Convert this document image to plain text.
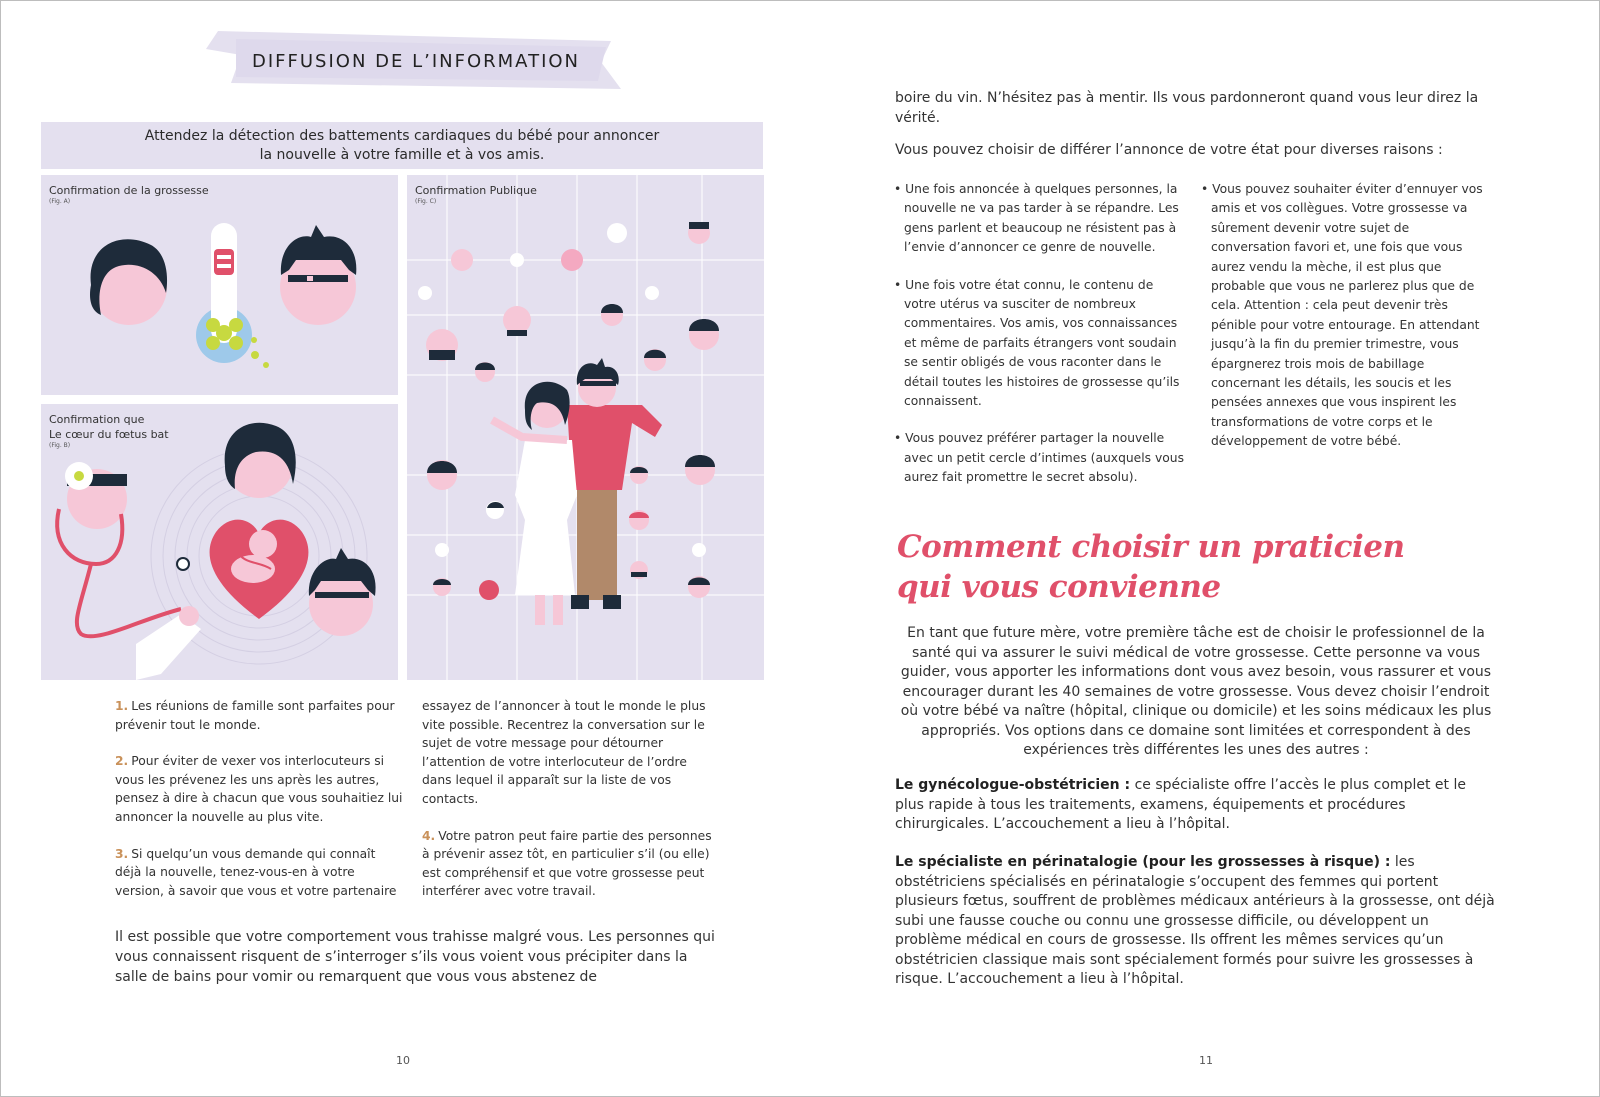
DIFFUSION DE L’INFORMATION
Attendez la détection des battements cardiaques du bébé pour annoncer
la nouvelle à votre famille et à vos amis.
Confirmation de la grossesse
(Fig. A)
Confirmation que
Le cœur du fœtus bat
(Fig. B)
Confirmation Publique
(Fig. C)

1. Les réunions de famille sont parfaites pour prévenir tout le monde.

2. Pour éviter de vexer vos interlocuteurs si vous les prévenez les uns après les autres, pensez à dire à chacun que vous souhaitiez lui annoncer la nouvelle au plus vite.

3. Si quelqu’un vous demande qui connaît déjà la nouvelle, tenez-vous-en à votre version, à savoir que vous et votre partenaire

essayez de l’annoncer à tout le monde le plus vite possible. Recentrez la conversation sur le sujet de votre message pour détourner l’attention de votre interlocuteur de l’ordre dans lequel il apparaît sur la liste de vos contacts.

4. Votre patron peut faire partie des personnes à prévenir assez tôt, en particulier s’il (ou elle) est compréhensif et que votre grossesse peut interférer avec votre travail.

Il est possible que votre comportement vous trahisse malgré vous. Les personnes qui vous connaissent risquent de s’interroger s’ils vous voient vous précipiter dans la salle de bains pour vomir ou remarquent que vous vous abstenez de
10
boire du vin. N’hésitez pas à mentir. Ils vous pardonneront quand vous leur direz la vérité.
Vous pouvez choisir de différer l’annonce de votre état pour diverses raisons :

• Une fois annoncée à quelques personnes, la nouvelle ne va pas tarder à se répandre. Les gens parlent et beaucoup ne résistent pas à l’envie d’annoncer ce genre de nouvelle.

• Une fois votre état connu, le contenu de votre utérus va susciter de nombreux commentaires. Vos amis, vos connaissances et même de parfaits étrangers vont soudain se sentir obligés de vous raconter dans le détail toutes les histoires de grossesse qu’ils connaissent.

• Vous pouvez préférer partager la nouvelle avec un petit cercle d’intimes (auxquels vous aurez fait promettre le secret absolu).

• Vous pouvez souhaiter éviter d’ennuyer vos amis et vos collègues. Votre grossesse va sûrement devenir votre sujet de conversation favori et, une fois que vous aurez vendu la mèche, il est plus que probable que vous ne parlerez plus que de cela. Attention : cela peut devenir très pénible pour votre entourage. En attendant jusqu’à la fin du premier trimestre, vous épargnerez trois mois de babillage concernant les détails, les soucis et les pensées annexes que vous inspirent les transformations de votre corps et le développement de votre bébé.

Comment choisir un praticien
qui vous convienne
En tant que future mère, votre première tâche est de choisir le professionnel de la santé qui va assurer le suivi médical de votre grossesse. Cette personne va vous guider, vous apporter les informations dont vous avez besoin, vous rassurer et vous encourager durant les 40 semaines de votre grossesse. Vous devez choisir l’endroit où votre bébé va naître (hôpital, clinique ou domicile) et les soins médicaux les plus appropriés. Vos options dans ce domaine sont limitées et correspondent à des expériences très différentes les unes des autres :
Le gynécologue-obstétricien : ce spécialiste offre l’accès le plus complet et le plus rapide à tous les traitements, examens, équipements et procédures chirurgicales. L’accouchement a lieu à l’hôpital.
Le spécialiste en périnatalogie (pour les grossesses à risque) : les obstétriciens spécialisés en périnatalogie s’occupent des femmes qui portent plusieurs fœtus, souffrent de problèmes médicaux antérieurs à la grossesse, ont déjà subi une fausse couche ou connu une grossesse difficile, ou développent un problème médical en cours de grossesse. Ils offrent les mêmes services qu’un obstétricien classique mais sont spécialement formés pour suivre les grossesses à risque. L’accouchement a lieu à l’hôpital.
11
